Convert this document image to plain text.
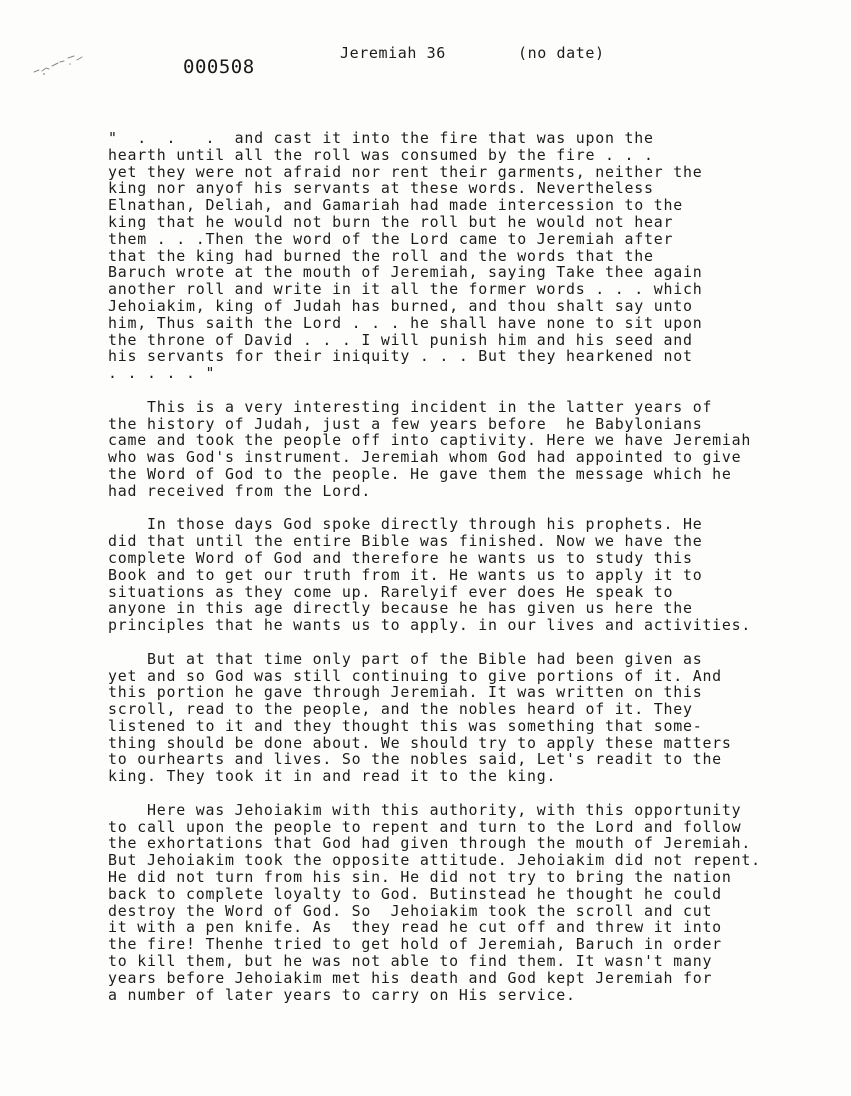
000508
Jeremiah 36	(no date)
"  .  .   .  and cast it into the fire that was upon the
hearth until all the roll was consumed by the fire . . .
yet they were not afraid nor rent their garments, neither the
king nor anyof his servants at these words. Nevertheless
Elnathan, Deliah, and Gamariah had made intercession to the
king that he would not burn the roll but he would not hear
them . . .Then the word of the Lord came to Jeremiah after
that the king had burned the roll and the words that the
Baruch wrote at the mouth of Jeremiah, saying Take thee again
another roll and write in it all the former words . . . which
Jehoiakim, king of Judah has burned, and thou shalt say unto
him, Thus saith the Lord . . . he shall have none to sit upon
the throne of David . . . I will punish him and his seed and
his servants for their iniquity . . . But they hearkened not
. . . . . "
This is a very interesting incident in the latter years of
the history of Judah, just a few years before  he Babylonians
came and took the people off into captivity. Here we have Jeremiah
who was God's instrument. Jeremiah whom God had appointed to give
the Word of God to the people. He gave them the message which he
had received from the Lord.
In those days God spoke directly through his prophets. He
did that until the entire Bible was finished. Now we have the
complete Word of God and therefore he wants us to study this
Book and to get our truth from it. He wants us to apply it to
situations as they come up. Rarelyif ever does He speak to
anyone in this age directly because he has given us here the
principles that he wants us to apply. in our lives and activities.
But at that time only part of the Bible had been given as
yet and so God was still continuing to give portions of it. And
this portion he gave through Jeremiah. It was written on this
scroll, read to the people, and the nobles heard of it. They
listened to it and they thought this was something that some-
thing should be done about. We should try to apply these matters
to ourhearts and lives. So the nobles said, Let's readit to the
king. They took it in and read it to the king.
Here was Jehoiakim with this authority, with this opportunity
to call upon the people to repent and turn to the Lord and follow
the exhortations that God had given through the mouth of Jeremiah.
But Jehoiakim took the opposite attitude. Jehoiakim did not repent.
He did not turn from his sin. He did not try to bring the nation
back to complete loyalty to God. Butinstead he thought he could
destroy the Word of God. So  Jehoiakim took the scroll and cut
it with a pen knife. As  they read he cut off and threw it into
the fire! Thenhe tried to get hold of Jeremiah, Baruch in order
to kill them, but he was not able to find them. It wasn't many
years before Jehoiakim met his death and God kept Jeremiah for
a number of later years to carry on His service.
